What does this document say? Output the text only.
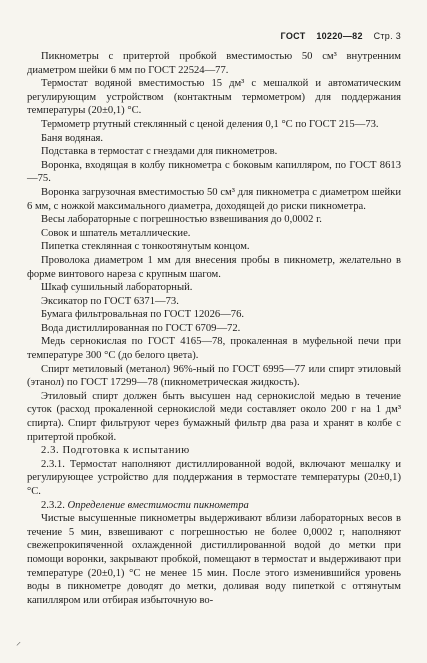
ГОСТ 10220—82 Стр. 3

Пикнометры с притертой пробкой вместимостью 50 см³ внутренним диаметром шейки 6 мм по ГОСТ 22524—77.

Термостат водяной вместимостью 15 дм³ с мешалкой и автоматическим регулирующим устройством (контактным термометром) для поддержания температуры (20±0,1) °С.

Термометр ртутный стеклянный с ценой деления 0,1 °С по ГОСТ 215—73.

Баня водяная.

Подставка в термостат с гнездами для пикнометров.

Воронка, входящая в колбу пикнометра с боковым капилляром, по ГОСТ 8613—75.

Воронка загрузочная вместимостью 50 см³ для пикнометра с диаметром шейки 6 мм, с ножкой максимального диаметра, доходящей до риски пикнометра.

Весы лабораторные с погрешностью взвешивания до 0,0002 г.

Совок и шпатель металлические.

Пипетка стеклянная с тонкоотянутым концом.

Проволока диаметром 1 мм для внесения пробы в пикнометр, желательно в форме винтового нареза с крупным шагом.

Шкаф сушильный лабораторный.

Эксикатор по ГОСТ 6371—73.

Бумага фильтровальная по ГОСТ 12026—76.

Вода дистиллированная по ГОСТ 6709—72.

Медь сернокислая по ГОСТ 4165—78, прокаленная в муфельной печи при температуре 300 °С (до белого цвета).

Спирт метиловый (метанол) 96%-ный по ГОСТ 6995—77 или спирт этиловый (этанол) по ГОСТ 17299—78 (пикнометрическая жидкость).

Этиловый спирт должен быть высушен над сернокислой медью в течение суток (расход прокаленной сернокислой меди составляет около 200 г на 1 дм³ спирта). Спирт фильтруют через бумажный фильтр два раза и хранят в колбе с притертой пробкой.

2.3. Подготовка к испытанию

2.3.1. Термостат наполняют дистиллированной водой, включают мешалку и регулирующее устройство для поддержания в термостате температуры (20±0,1) °С.

2.3.2. Определение вместимости пикнометра

Чистые высушенные пикнометры выдерживают вблизи лабораторных весов в течение 5 мин, взвешивают с погрешностью не более 0,0002 г, наполняют свежепрокипяченной охлажденной дистиллированной водой до метки при помощи воронки, закрывают пробкой, помещают в термостат и выдерживают при температуре (20±0,1) °С не менее 15 мин. После этого изменившийся уровень воды в пикнометре доводят до метки, доливая воду пипеткой с оттянутым капилляром или отбирая избыточную во-

⸍
